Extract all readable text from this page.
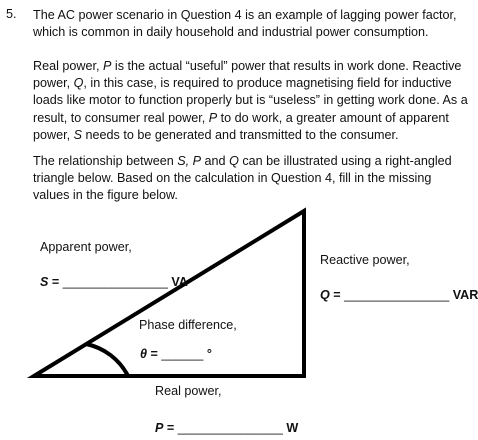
5. The AC power scenario in Question 4 is an example of lagging power factor, which is common in daily household and industrial power consumption.

Real power, P is the actual “useful” power that results in work done. Reactive power, Q, in this case, is required to produce magnetising field for inductive loads like motor to function properly but is “useless” in getting work done. As a result, to consumer real power, P to do work, a greater amount of apparent power, S needs to be generated and transmitted to the consumer.

The relationship between S, P and Q can be illustrated using a right-angled triangle below. Based on the calculation in Question 4, fill in the missing values in the figure below.

Apparent power,
S = _______________ VA
Reactive power,
Q = _______________ VAR
Phase difference,
θ = ______ °
Real power,
P = _______________ W
